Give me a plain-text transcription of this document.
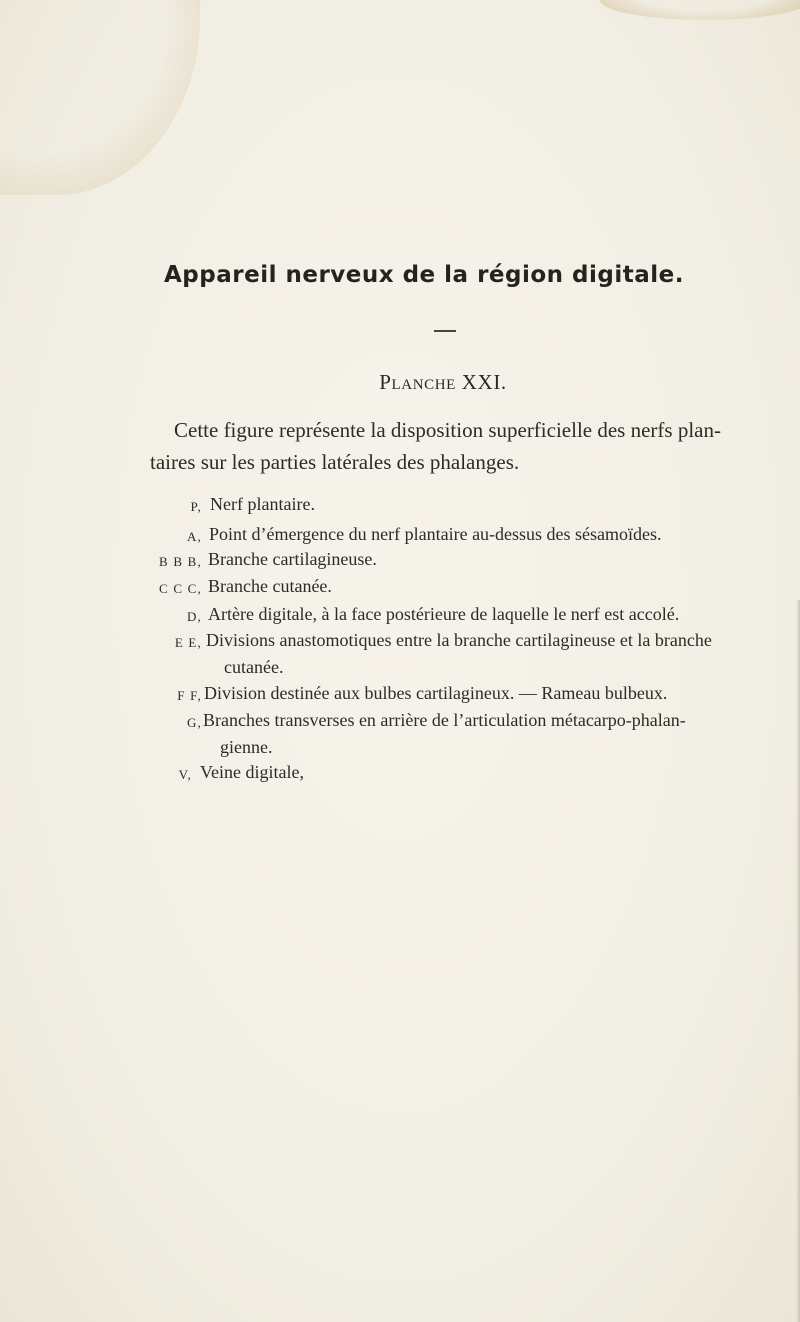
Appareil nerveux de la région digitale.
Planche XXI.
Cette figure représente la disposition superficielle des nerfs plan-
taires sur les parties latérales des phalanges.
P, Nerf plantaire.
A, Point d’émergence du nerf plantaire au-dessus des sésamoïdes.
B B B, Branche cartilagineuse.
C C C, Branche cutanée.
D, Artère digitale, à la face postérieure de laquelle le nerf est accolé.
E E, Divisions anastomotiques entre la branche cartilagineuse et la branche
cutanée.
F F, Division destinée aux bulbes cartilagineux. — Rameau bulbeux.
G, Branches transverses en arrière de l’articulation métacarpo-phalan-
gienne.
V, Veine digitale,
